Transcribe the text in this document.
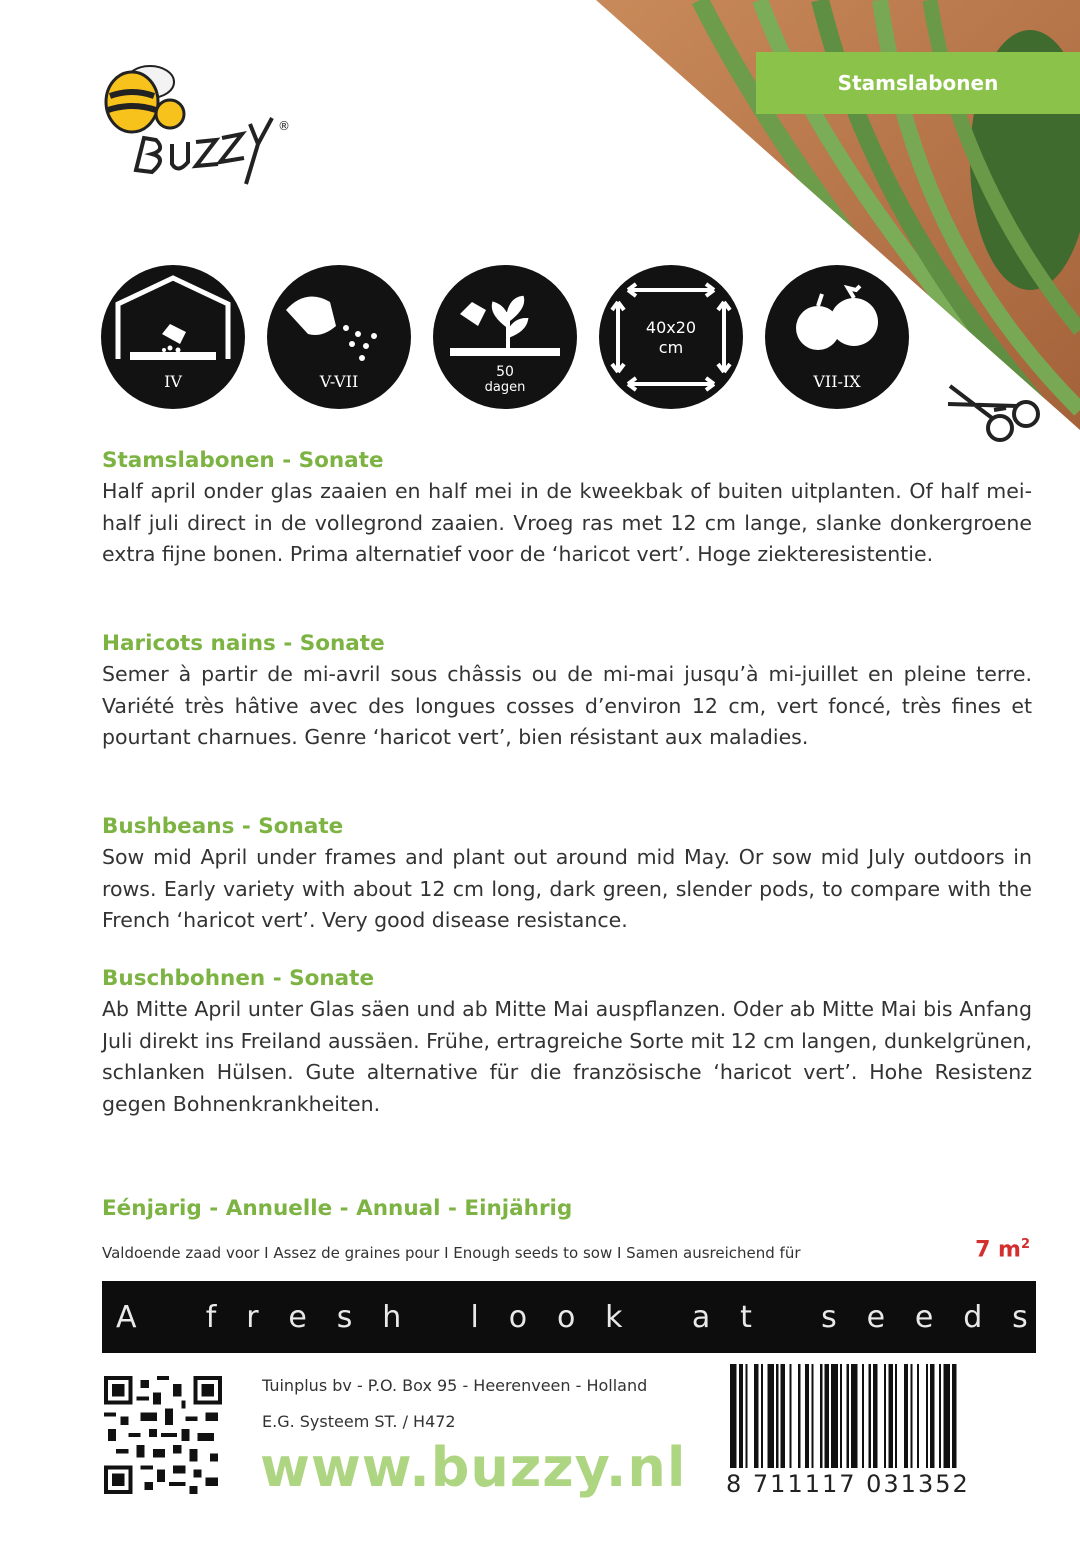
Stamslabonen
®
IV	V-VII	50
dagen
40x20
cm
VII-IX

Stamslabonen - Sonate

Half april onder glas zaaien en half mei in de kweekbak of buiten uitplanten. Of half mei-half juli direct in de vollegrond zaaien. Vroeg ras met 12 cm lange, slanke donkergroene extra fijne bonen. Prima alternatief voor de ‘haricot vert’. Hoge ziekteresistentie.

Haricots nains - Sonate

Semer à partir de mi-avril sous châssis ou de mi-mai jusqu’à mi-juillet en pleine terre. Variété très hâtive avec des longues cosses d’environ 12 cm, vert foncé, très fines et pourtant charnues. Genre ‘haricot vert’, bien résistant aux maladies.

Bushbeans - Sonate

Sow mid April under frames and plant out around mid May. Or sow mid July outdoors in rows. Early variety with about 12 cm long, dark green, slender pods, to compare with the French ‘haricot vert’. Very good disease resistance.

Buschbohnen - Sonate

Ab Mitte April unter Glas säen und ab Mitte Mai auspflanzen. Oder ab Mitte Mai bis Anfang Juli direkt ins Freiland aussäen. Frühe, ertragreiche Sorte mit 12 cm langen, dunkelgrünen, schlanken Hülsen. Gute alternative für die französische ‘haricot vert’. Hohe Resistenz gegen Bohnenkrankheiten.

Eénjarig - Annuelle - Annual - Einjährig
Valdoende zaad voor I Assez de graines pour I Enough seeds to sow I Samen ausreichend für	7 $m^2$
A
f r e s h
l o o k
a t
s e e d s
Tuinplus bv - P.O. Box 95 - Heerenveen - Holland
E.G. Systeem ST. / H472
www.buzzy.nl 8 711117 031352
